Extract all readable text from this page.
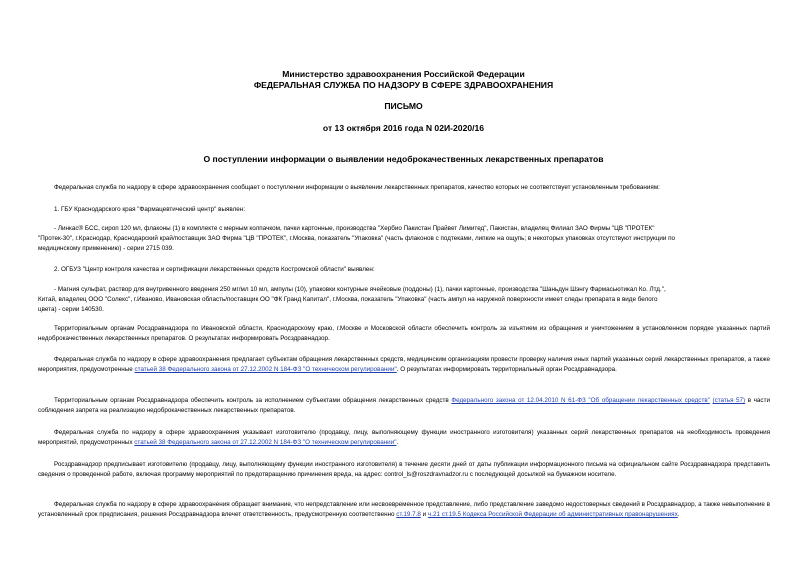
Министерство здравоохранения Российской Федерации
ФЕДЕРАЛЬНАЯ СЛУЖБА ПО НАДЗОРУ В СФЕРЕ ЗДРАВООХРАНЕНИЯ
ПИСЬМО
от 13 октября 2016 года N 02И-2020/16
О поступлении информации о выявлении недоброкачественных лекарственных препаратов

Федеральная служба по надзору в сфере здравоохранения сообщает о поступлении информации о выявлении лекарственных препаратов, качество которых не соответствует установленным требованиям:

1. ГБУ Краснодарского края "Фармацевтический центр" выявлен:

- Линкас® БСС, сироп 120 мл, флаконы (1) в комплекте с мерным колпачком, пачки картонные, производства "Хербио Пакистан Прайвет Лимитед", Пакистан, владелец Филиал ЗАО Фирмы "ЦВ "ПРОТЕК"
"Протек-30", г.Краснодар, Краснодарский край/поставщик ЗАО Фирма "ЦВ "ПРОТЕК", г.Москва, показатель "Упаковка" (часть флаконов с подтеками, липкие на ощупь; в некоторых упаковках отсутствуют инструкции по
медицинскому применению) - серии 2715 039.

2. ОГБУЗ "Центр контроля качества и сертификации лекарственных средств Костромской области" выявлен:

- Магния сульфат, раствор для внутривенного введения 250 мг/мл 10 мл, ампулы (10), упаковки контурные ячейковые (поддоны) (1), пачки картонные, производства "Шаньдун Шэнгу Фармасьютикал Ко. Лтд.",
Китай, владелец ООО "Солекс", г.Иваново, Ивановская область/поставщик ОО "ФК Гранд Капитал", г.Москва, показатель "Упаковка" (часть ампул на наружной поверхности имеет следы препарата в виде белого
цвета) - серии 140530.

Территориальным органам Росздравнадзора по Ивановской области, Краснодарскому краю, г.Москве и Московской области обеспечить контроль за изъятием из обращения и уничтожением в установленном порядке указанных партий недоброкачественных лекарственных препаратов. О результатах информировать Росздравнадзор.

Федеральная служба по надзору в сфере здравоохранения предлагает субъектам обращения лекарственных средств, медицинским организациям провести проверку наличия иных партий указанных серий лекарственных препаратов, а также мероприятия, предусмотренные статьей 38 Федерального закона от 27.12.2002 N 184-ФЗ "О техническом регулировании". О результатах информировать территориальный орган Росздравнадзора.

Территориальным органам Росздравнадзора обеспечить контроль за исполнением субъектами обращения лекарственных средств Федерального закона от 12.04.2010 N 61-ФЗ "Об обращении лекарственных средств" (статья 57) в части соблюдения запрета на реализацию недоброкачественных лекарственных препаратов.

Федеральная служба по надзору в сфере здравоохранения указывает изготовителю (продавцу, лицу, выполняющему функции иностранного изготовителя) указанных серий лекарственных препаратов на необходимость проведения мероприятий, предусмотренных статьей 38 Федерального закона от 27.12.2002 N 184-ФЗ "О техническом регулировании".

Росздравнадзор предписывает изготовителю (продавцу, лицу, выполняющему функции иностранного изготовителя) в течение десяти дней от даты публикации информационного письма на официальном сайте Росздравнадзора представить сведения о проведенной работе, включая программу мероприятий по предотвращению причинения вреда, на адрес: control_ls@roszdravnadzor.ru с последующей досылкой на бумажном носителе.

Федеральная служба по надзору в сфере здравоохранения обращает внимание, что непредставление или несвоевременное представление, либо представление заведомо недостоверных сведений в Росздравнадзор, а также невыполнение в установленный срок предписания, решения Росздравнадзора влечет ответственность, предусмотренную соответственно ст.19.7.8 и ч.21 ст.19.5 Кодекса Российской Федерации об административных правонарушениях.
